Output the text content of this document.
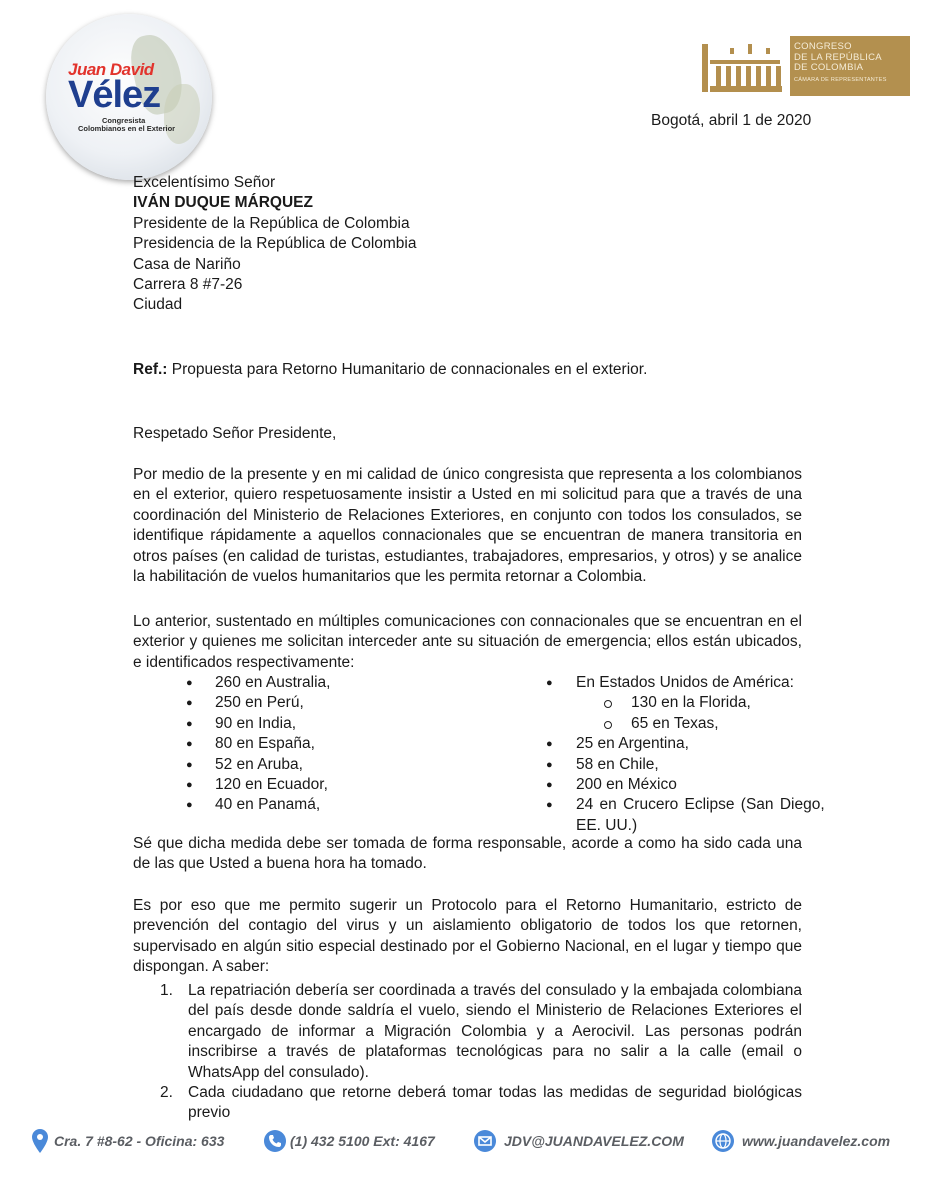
Juan David
Vélez
Congresista
Colombianos en el Exterior
CONGRESO
DE LA REPÚBLICA
DE COLOMBIA
CÁMARA DE REPRESENTANTES
Bogotá, abril 1 de 2020
Excelentísimo Señor
IVÁN DUQUE MÁRQUEZ
Presidente de la República de Colombia
Presidencia de la República de Colombia
Casa de Nariño
Carrera 8 #7-26
Ciudad
Ref.: Propuesta para Retorno Humanitario de connacionales en el exterior.
Respetado Señor Presidente,
Por medio de la presente y en mi calidad de único congresista que representa a los colombianos en el exterior, quiero respetuosamente insistir a Usted en mi solicitud para que a través de una coordinación del Ministerio de Relaciones Exteriores, en conjunto con todos los consulados, se identifique rápidamente a aquellos connacionales que se encuentran de manera transitoria en otros países (en calidad de turistas, estudiantes, trabajadores, empresarios, y otros) y se analice la habilitación de vuelos humanitarios que les permita retornar a Colombia.
Lo anterior, sustentado en múltiples comunicaciones con connacionales que se encuentran en el exterior y quienes me solicitan interceder ante su situación de emergencia; ellos están ubicados, e identificados respectivamente:
● 260 en Australia,
● 250 en Perú,
● 90 en India,
● 80 en España,
● 52 en Aruba,
● 120 en Ecuador,
● 40 en Panamá,
● En Estados Unidos de América:
130 en la Florida,
65 en Texas,
● 25 en Argentina,
● 58 en Chile,
● 200 en México
● 24 en Crucero Eclipse (San Diego,
EE. UU.)
Sé que dicha medida debe ser tomada de forma responsable, acorde a como ha sido cada una de las que Usted a buena hora ha tomado.
Es por eso que me permito sugerir un Protocolo para el Retorno Humanitario, estricto de prevención del contagio del virus y un aislamiento obligatorio de todos los que retornen, supervisado en algún sitio especial destinado por el Gobierno Nacional, en el lugar y tiempo que dispongan. A saber:
1. La repatriación debería ser coordinada a través del consulado y la embajada colombiana del país desde donde saldría el vuelo, siendo el Ministerio de Relaciones Exteriores el encargado de informar a Migración Colombia y a Aerocivil. Las personas podrán inscribirse a través de plataformas tecnológicas para no salir a la calle (email o WhatsApp del consulado).
2. Cada ciudadano que retorne deberá tomar todas las medidas de seguridad biológicas previo
Cra. 7 #8-62 - Oficina: 633	(1) 432 5100 Ext: 4167	JDV@JUANDAVELEZ.COM	www.juandavelez.com
